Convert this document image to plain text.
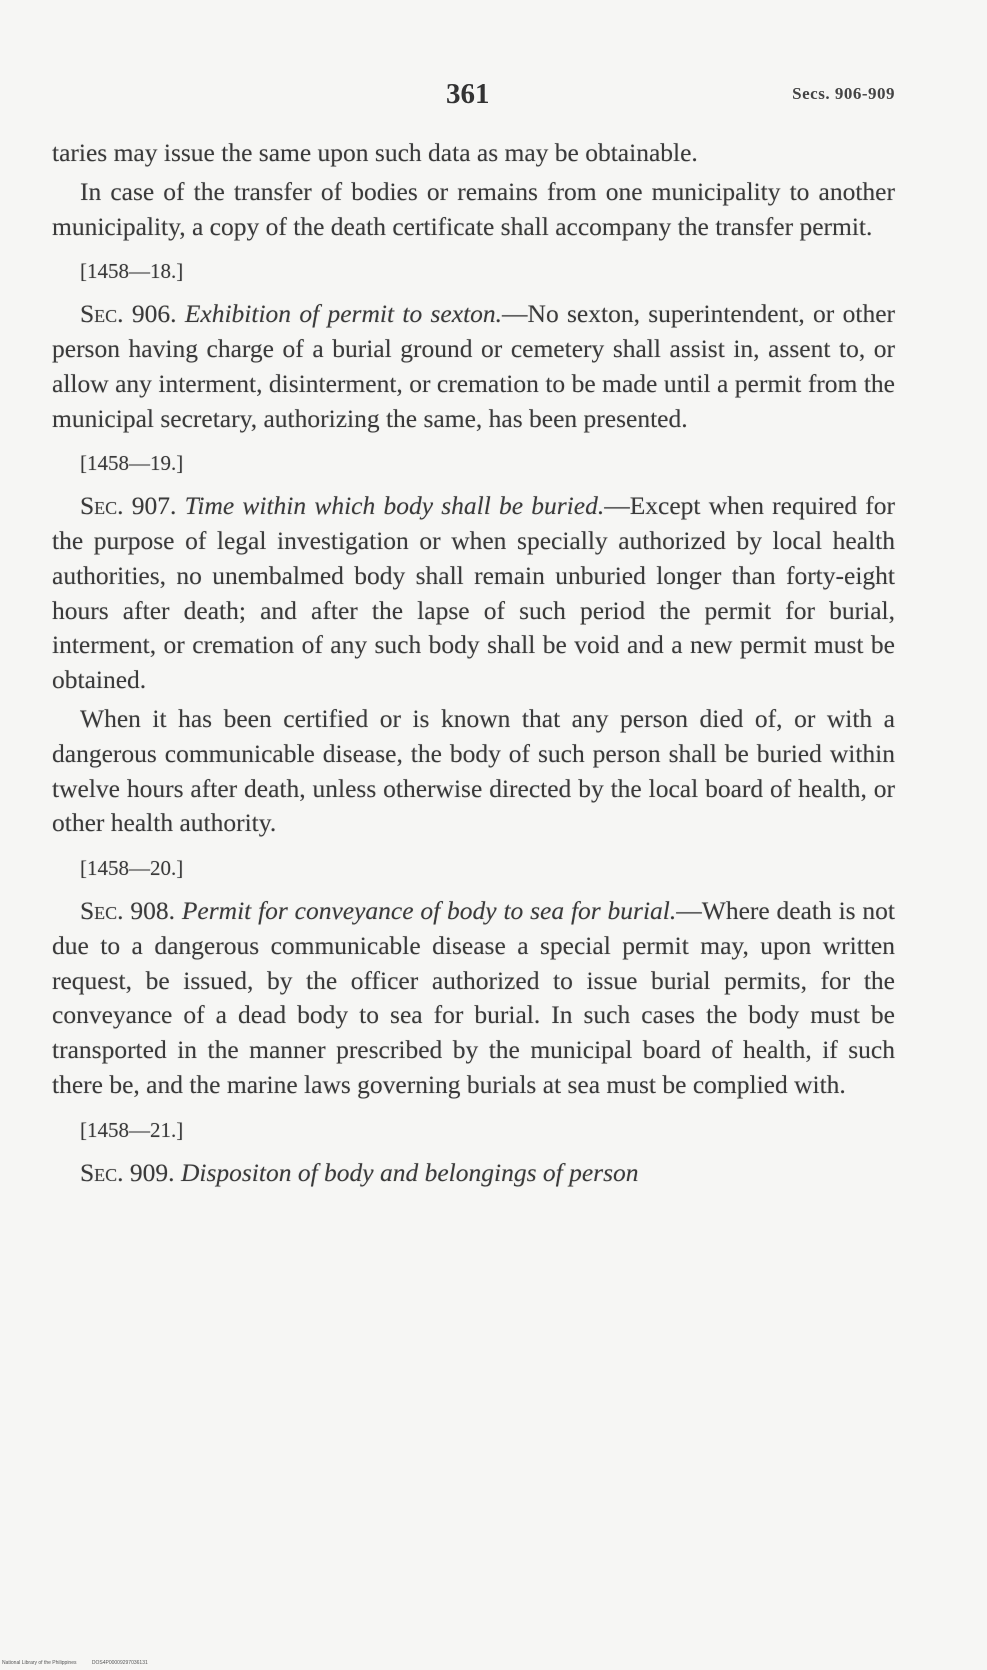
361	Secs. 906-909

taries may issue the same upon such data as may be obtainable.

In case of the transfer of bodies or remains from one municipality to another municipality, a copy of the death certificate shall accompany the transfer permit.

[1458—18.]

Sec. 906. Exhibition of permit to sexton.—No sexton, superintendent, or other person having charge of a burial ground or cemetery shall assist in, assent to, or allow any interment, disinterment, or cremation to be made until a permit from the municipal secretary, authorizing the same, has been presented.

[1458—19.]

Sec. 907. Time within which body shall be buried.—Except when required for the purpose of legal investigation or when specially authorized by local health authorities, no unembalmed body shall remain unburied longer than forty-eight hours after death; and after the lapse of such period the permit for burial, interment, or cremation of any such body shall be void and a new permit must be obtained.

When it has been certified or is known that any person died of, or with a dangerous communicable disease, the body of such person shall be buried within twelve hours after death, unless otherwise directed by the local board of health, or other health authority.

[1458—20.]

Sec. 908. Permit for conveyance of body to sea for burial.—Where death is not due to a dangerous communicable disease a special permit may, upon written request, be issued, by the officer authorized to issue burial permits, for the conveyance of a dead body to sea for burial. In such cases the body must be transported in the manner prescribed by the municipal board of health, if such there be, and the marine laws governing burials at sea must be complied with.

[1458—21.]

Sec. 909. Dispositon of body and belongings of person

National Library of the Philippines	DOS4P00009297036131
